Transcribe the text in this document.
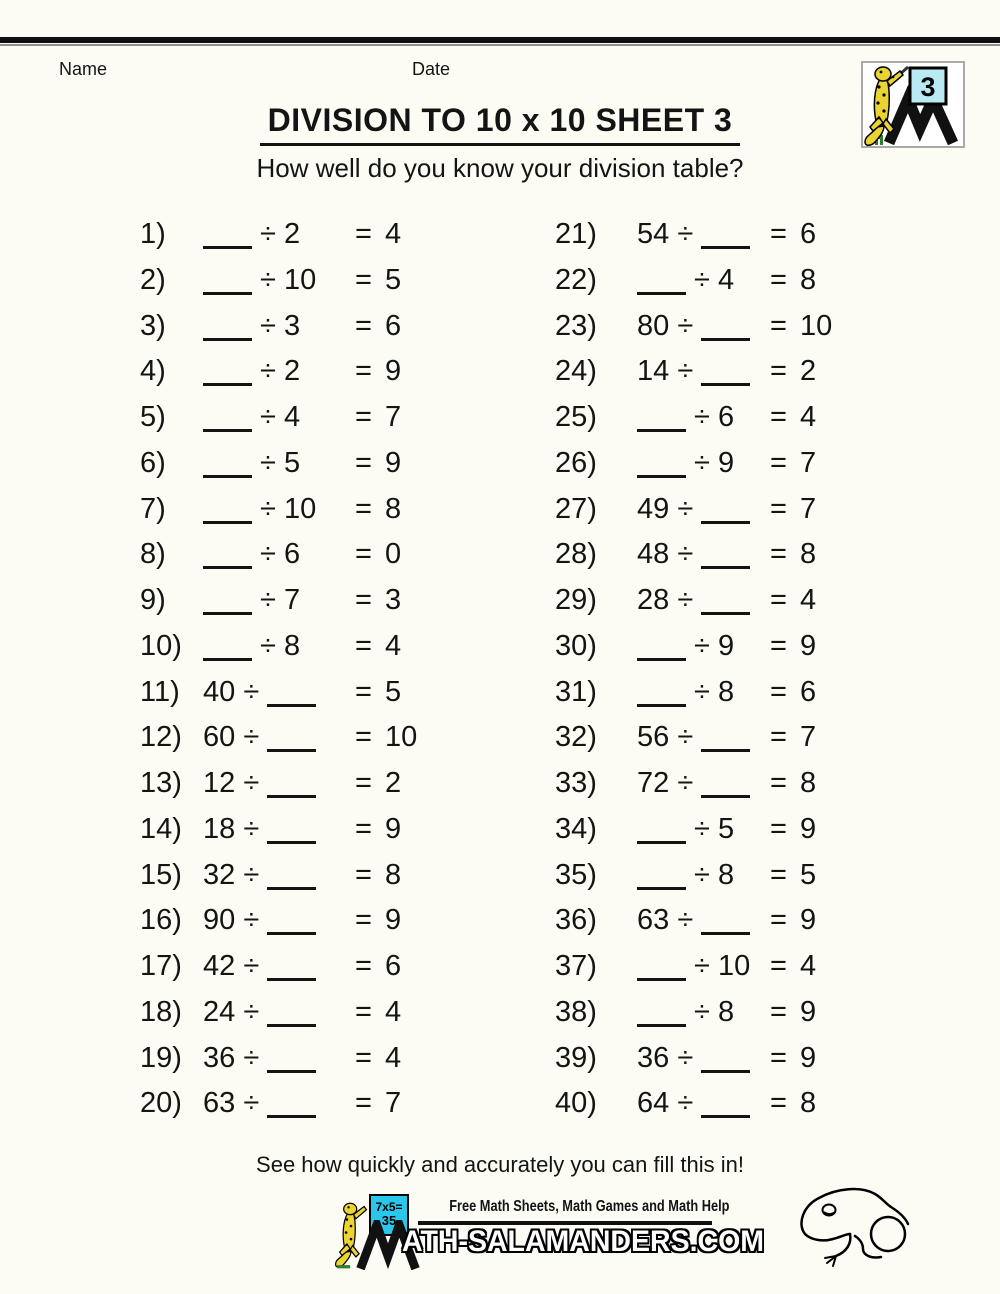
Name	Date
3
DIVISION TO 10 x 10 SHEET 3
How well do you know your division table?
1)	÷ 2 = 4
2)	÷ 10 = 5
3)	÷ 3 = 6
4)	÷ 2 = 9
5)	÷ 4 = 7
6)	÷ 5 = 9
7)	÷ 10 = 8
8)	÷ 6 = 0
9)	÷ 7 = 3
10) ÷ 8 = 4
11) 40 ÷	= 5
12) 60 ÷	= 10
13) 12 ÷	= 2
14) 18 ÷	= 9
15) 32 ÷	= 8
16) 90 ÷	= 9
17) 42 ÷	= 6
18) 24 ÷	= 4
19) 36 ÷	= 4
20) 63 ÷	= 7
21) 54 ÷ = 6
22)	÷ 4 = 8
23) 80 ÷ = 10
24) 14 ÷ = 2
25)	÷ 6 = 4
26)	÷ 9 = 7
27) 49 ÷ = 7
28) 48 ÷ = 8
29) 28 ÷ = 4
30)	÷ 9 = 9
31)	÷ 8 = 6
32) 56 ÷ = 7
33) 72 ÷ = 8
34)	÷ 5 = 9
35)	÷ 8 = 5
36) 63 ÷ = 9
37)	÷ 10 = 4
38)	÷ 8 = 9
39) 36 ÷ = 9
40) 64 ÷ = 8
See how quickly and accurately you can fill this in!
7x5=
35
Free Math Sheets, Math Games and Math Help
ATH-SALAMANDERS.COM
